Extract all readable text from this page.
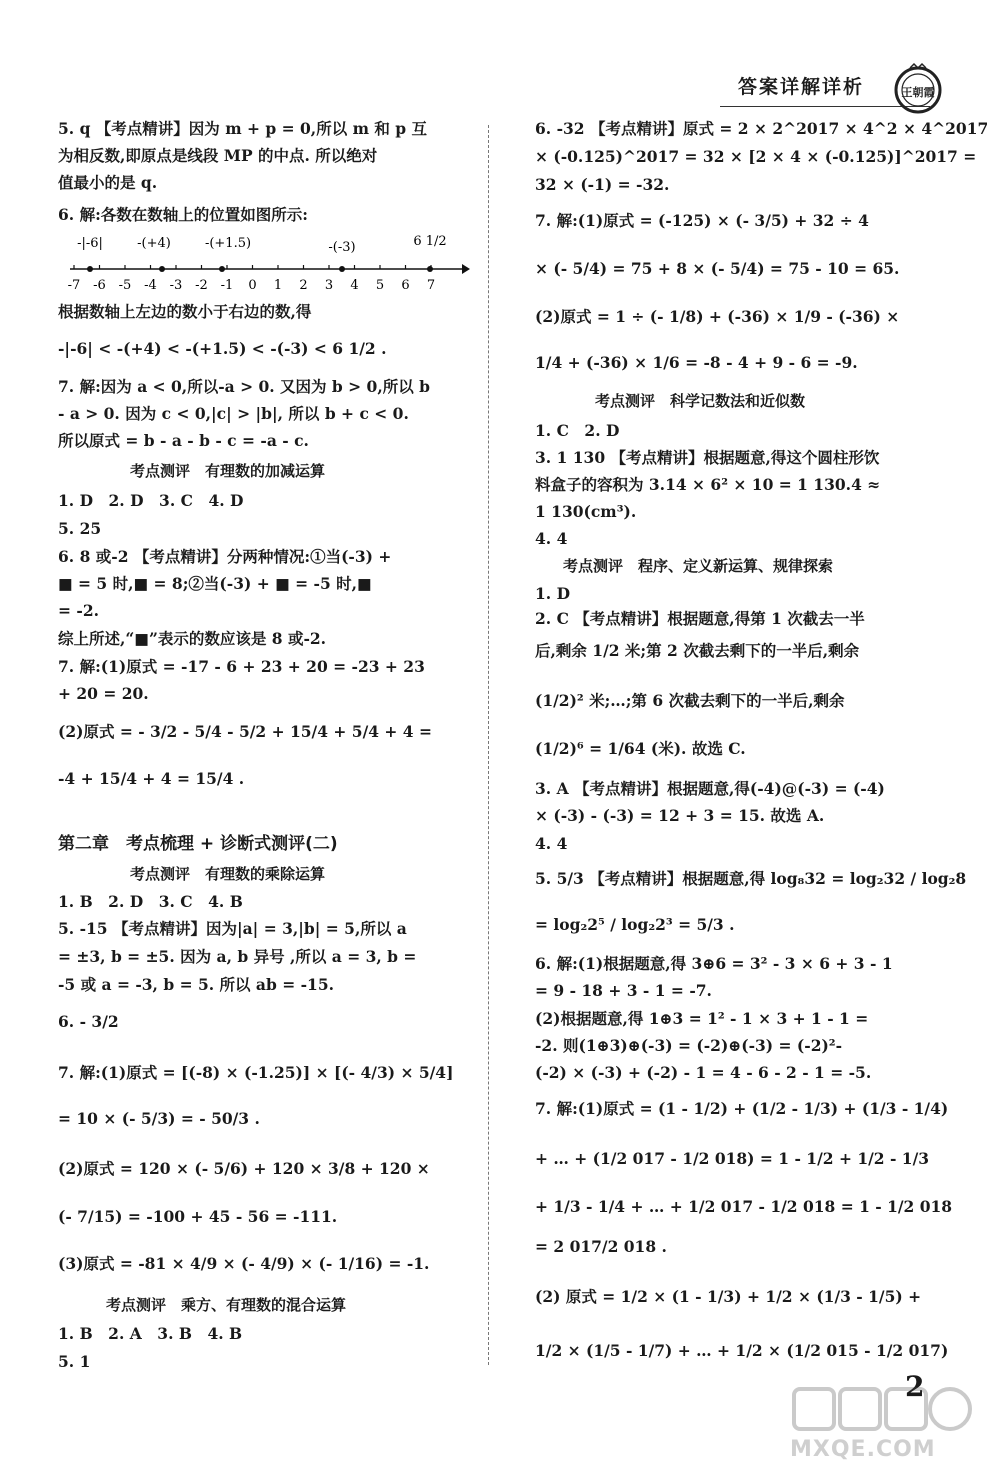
答案详解详析	王朝霞
5. q 【考点精讲】因为 m + p = 0,所以 m 和 p 互
为相反数,即原点是线段 MP 的中点. 所以绝对
值最小的是 q.
6. 解:各数在数轴上的位置如图所示:
-|-6|	-(+4)	-(+1.5)	-(-3)	6 1/2
-7 -6 -5 -4 -3 -2 -1 0 1 2 3 4 5 6 7
根据数轴上左边的数小于右边的数,得
-|-6| < -(+4) < -(+1.5) < -(-3) < 6 1/2 .
7. 解:因为 a < 0,所以-a > 0. 又因为 b > 0,所以 b
- a > 0. 因为 c < 0,|c| > |b|, 所以 b + c < 0.
所以原式 = b - a - b - c = -a - c.
考点测评　有理数的加减运算
1. D　2. D　3. C　4. D
5. 25
6. 8 或-2 【考点精讲】分两种情况:①当(-3) +
■ = 5 时,■ = 8;②当(-3) + ■ = -5 时,■
= -2.
综上所述,“■”表示的数应该是 8 或-2.
7. 解:(1)原式 = -17 - 6 + 23 + 20 = -23 + 23
+ 20 = 20.
(2)原式 = - 3/2 - 5/4 - 5/2 + 15/4 + 5/4 + 4 =
-4 + 15/4 + 4 = 15/4 .
第二章　考点梳理 + 诊断式测评(二)
考点测评　有理数的乘除运算
1. B　2. D　3. C　4. B
5. -15 【考点精讲】因为|a| = 3,|b| = 5,所以 a
= ±3, b = ±5. 因为 a, b 异号 ,所以 a = 3, b =
-5 或 a = -3, b = 5. 所以 ab = -15.
6. - 3/2
7. 解:(1)原式 = [(-8) × (-1.25)] × [(- 4/3) × 5/4]
= 10 × (- 5/3) = - 50/3 .
(2)原式 = 120 × (- 5/6) + 120 × 3/8 + 120 ×
(- 7/15) = -100 + 45 - 56 = -111.
(3)原式 = -81 × 4/9 × (- 4/9) × (- 1/16) = -1.
考点测评　乘方、有理数的混合运算
1. B　2. A　3. B　4. B
5. 1
6. -32 【考点精讲】原式 = 2 × 2^2017 × 4^2 × 4^2017
× (-0.125)^2017 = 32 × [2 × 4 × (-0.125)]^2017 =
32 × (-1) = -32.
7. 解:(1)原式 = (-125) × (- 3/5) + 32 ÷ 4
× (- 5/4) = 75 + 8 × (- 5/4) = 75 - 10 = 65.
(2)原式 = 1 ÷ (- 1/8) + (-36) × 1/9 - (-36) ×
1/4 + (-36) × 1/6 = -8 - 4 + 9 - 6 = -9.
考点测评　科学记数法和近似数
1. C　2. D
3. 1 130 【考点精讲】根据题意,得这个圆柱形饮
料盒子的容积为 3.14 × 6² × 10 = 1 130.4 ≈
1 130(cm³).
4. 4
考点测评　程序、定义新运算、规律探索
1. D
2. C 【考点精讲】根据题意,得第 1 次截去一半
后,剩余 1/2 米;第 2 次截去剩下的一半后,剩余
(1/2)² 米;…;第 6 次截去剩下的一半后,剩余
(1/2)⁶ = 1/64 (米). 故选 C.
3. A 【考点精讲】根据题意,得(-4)@(-3) = (-4)
× (-3) - (-3) = 12 + 3 = 15. 故选 A.
4. 4
5. 5/3 【考点精讲】根据题意,得 log₈32 = log₂32 / log₂8
= log₂2⁵ / log₂2³ = 5/3 .
6. 解:(1)根据题意,得 3⊕6 = 3² - 3 × 6 + 3 - 1
= 9 - 18 + 3 - 1 = -7.
(2)根据题意,得 1⊕3 = 1² - 1 × 3 + 1 - 1 =
-2. 则(1⊕3)⊕(-3) = (-2)⊕(-3) = (-2)²-
(-2) × (-3) + (-2) - 1 = 4 - 6 - 2 - 1 = -5.
7. 解:(1)原式 = (1 - 1/2) + (1/2 - 1/3) + (1/3 - 1/4)
+ … + (1/2 017 - 1/2 018) = 1 - 1/2 + 1/2 - 1/3
+ 1/3 - 1/4 + … + 1/2 017 - 1/2 018 = 1 - 1/2 018
= 2 017/2 018 .
(2) 原式 = 1/2 × (1 - 1/3) + 1/2 × (1/3 - 1/5) +
1/2 × (1/5 - 1/7) + … + 1/2 × (1/2 015 - 1/2 017)
2
MXQE.COM
